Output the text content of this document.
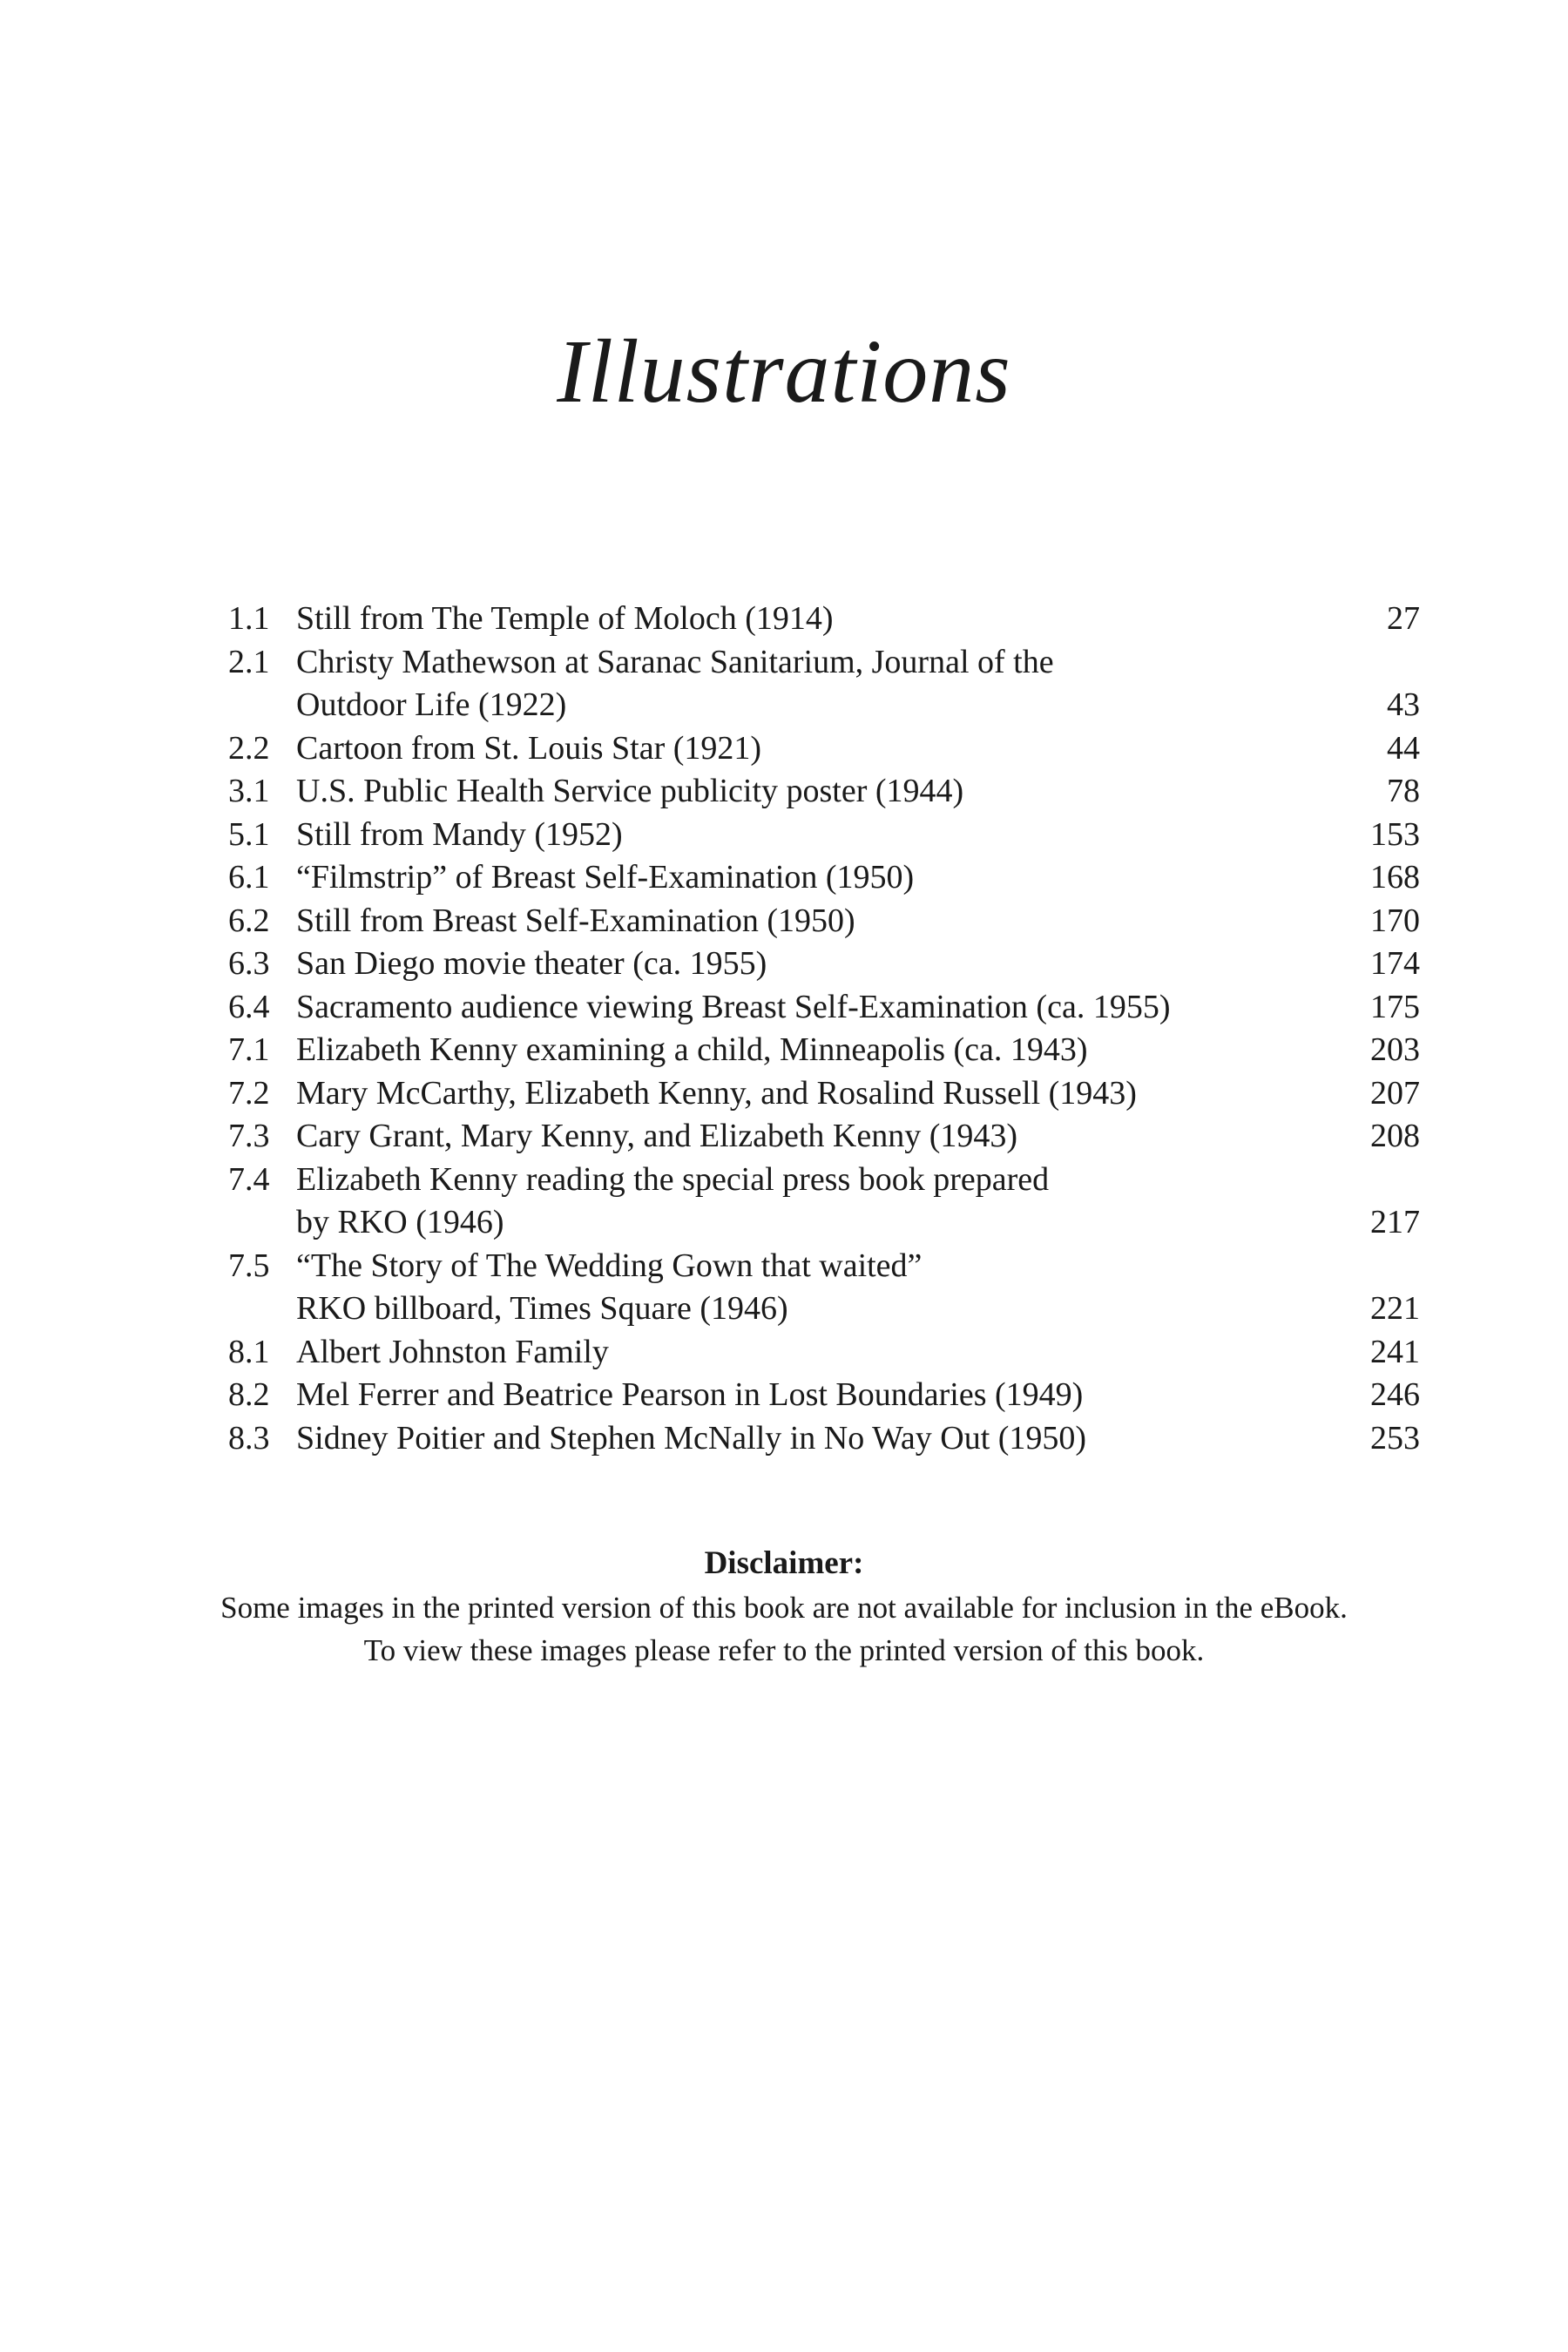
Illustrations
1.1 Still from The Temple of Moloch (1914)	27
2.1 Christy Mathewson at Saranac Sanitarium, Journal of the
Outdoor Life (1922)	43
2.2 Cartoon from St. Louis Star (1921)	44
3.1 U.S. Public Health Service publicity poster (1944)	78
5.1 Still from Mandy (1952)	153
6.1 “Filmstrip” of Breast Self-Examination (1950)	168
6.2 Still from Breast Self-Examination (1950)	170
6.3 San Diego movie theater (ca. 1955)	174
6.4 Sacramento audience viewing Breast Self-Examination (ca. 1955)	175
7.1 Elizabeth Kenny examining a child, Minneapolis (ca. 1943)	203
7.2 Mary McCarthy, Elizabeth Kenny, and Rosalind Russell (1943)	207
7.3 Cary Grant, Mary Kenny, and Elizabeth Kenny (1943)	208
7.4 Elizabeth Kenny reading the special press book prepared
by RKO (1946)	217
7.5 “The Story of The Wedding Gown that waited”
RKO billboard, Times Square (1946)	221
8.1 Albert Johnston Family	241
8.2 Mel Ferrer and Beatrice Pearson in Lost Boundaries (1949)	246
8.3 Sidney Poitier and Stephen McNally in No Way Out (1950)	253
Disclaimer:
Some images in the printed version of this book are not available for inclusion in the eBook.
To view these images please refer to the printed version of this book.
